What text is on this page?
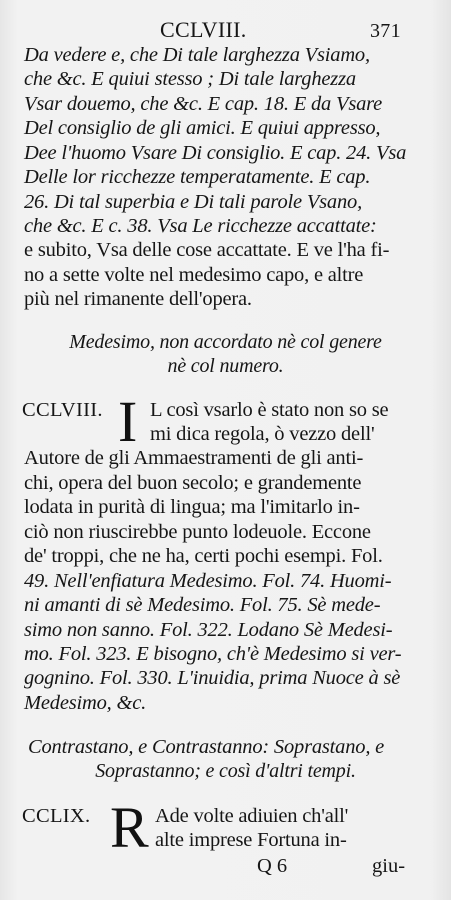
CCLVIII.	371
Da vedere e, che Di tale larghezza Vsiamo,
che &c. E quiui stesso ; Di tale larghezza
Vsar douemo, che &c. E cap. 18. E da Vsare
Del consiglio de gli amici. E quiui appresso,
Dee l'huomo Vsare Di consiglio. E cap. 24. Vsa
Delle lor ricchezze temperatamente. E cap.
26. Di tal superbia e Di tali parole Vsano,
che &c. E c. 38. Vsa Le ricchezze accattate:
e subito, Vsa delle cose accattate. E ve l'ha fi-
no a sette volte nel medesimo capo, e altre
più nel rimanente dell'opera.
Medesimo, non accordato nè col genere
nè col numero.
CCLVIII. I L così vsarlo è stato non so se
mi dica regola, ò vezzo dell'
Autore de gli Ammaestramenti de gli anti-
chi, opera del buon secolo; e grandemente
lodata in purità di lingua; ma l'imitarlo in-
ciò non riuscirebbe punto lodeuole. Eccone
de' troppi, che ne ha, certi pochi esempi. Fol.
49. Nell'enfiatura Medesimo. Fol. 74. Huomi-
ni amanti di sè Medesimo. Fol. 75. Sè mede-
simo non sanno. Fol. 322. Lodano Sè Medesi-
mo. Fol. 323. E bisogno, ch'è Medesimo si ver-
gognino. Fol. 330. L'inuidia, prima Nuoce à sè
Medesimo, &c.
Contrastano, e Contrastanno: Soprastano, e
Soprastanno; e così d'altri tempi.
CCLIX. R Ade volte adiuien ch'all'
alte imprese Fortuna in-
Q 6	giu-
